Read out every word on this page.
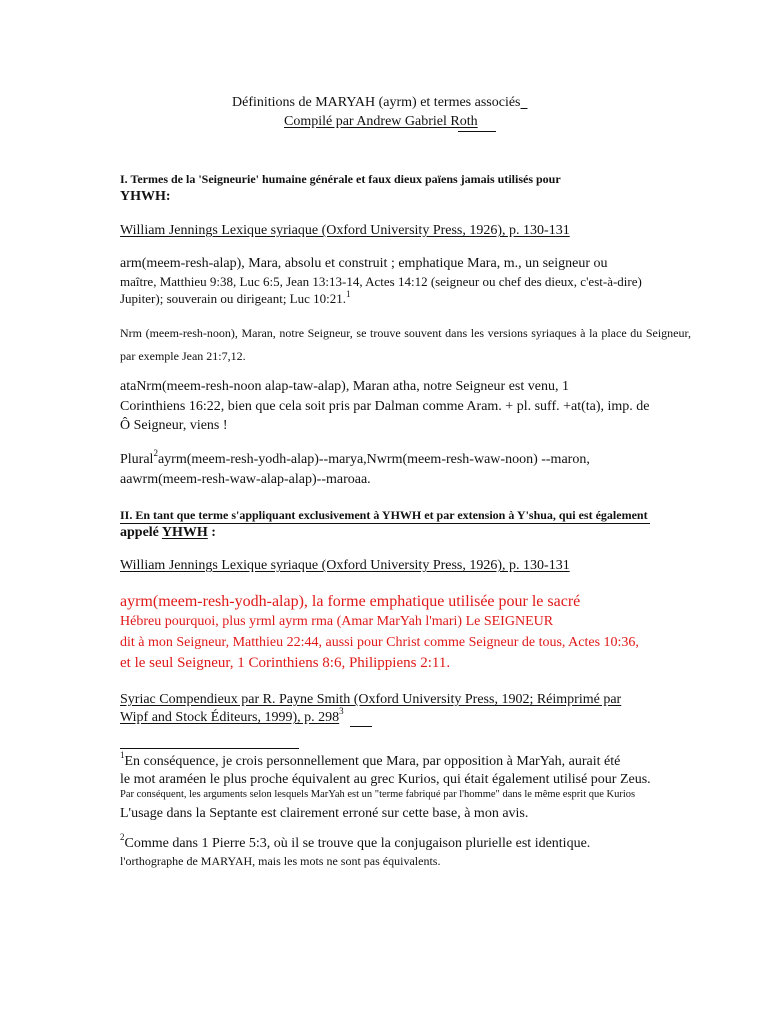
Définitions de MARYAH (ayrm) et termes associés
Compilé par Andrew Gabriel Roth
I. Termes de la 'Seigneurie' humaine générale et faux dieux païens jamais utilisés pour
YHWH:
William Jennings Lexique syriaque (Oxford University Press, 1926), p. 130-131
arm(meem-resh-alap), Mara, absolu et construit ; emphatique Mara, m., un seigneur ou
maître, Matthieu 9:38, Luc 6:5, Jean 13:13-14, Actes 14:12 (seigneur ou chef des dieux, c'est-à-dire)
Jupiter); souverain ou dirigeant; Luc 10:21.$^1$
Nrm (meem-resh-noon), Maran, notre Seigneur, se trouve souvent dans les versions syriaques à la place du Seigneur, par exemple Jean 21:7,12.
ataNrm(meem-resh-noon alap-taw-alap), Maran atha, notre Seigneur est venu, 1
Corinthiens 16:22, bien que cela soit pris par Dalman comme Aram. + pl. suff. +at(ta), imp. de
Ô Seigneur, viens !
Plural$^2$ayrm(meem-resh-yodh-alap)--marya,Nwrm(meem-resh-waw-noon) --maron,
aawrm(meem-resh-waw-alap-alap)--maroaa.
II. En tant que terme s'appliquant exclusivement à YHWH et par extension à Y'shua, qui est également
appelé YHWH :
William Jennings Lexique syriaque (Oxford University Press, 1926), p. 130-131
ayrm(meem-resh-yodh-alap), la forme emphatique utilisée pour le sacré
Hébreu pourquoi, plus yrml ayrm rma (Amar MarYah l'mari) Le SEIGNEUR
dit à mon Seigneur, Matthieu 22:44, aussi pour Christ comme Seigneur de tous, Actes 10:36,
et le seul Seigneur, 1 Corinthiens 8:6, Philippiens 2:11.
Syriac Compendieux par R. Payne Smith (Oxford University Press, 1902; Réimprimé par
Wipf and Stock Éditeurs, 1999), p. $298^3$
$^1$En conséquence, je crois personnellement que Mara, par opposition à MarYah, aurait été
le mot araméen le plus proche équivalent au grec Kurios, qui était également utilisé pour Zeus.
Par conséquent, les arguments selon lesquels MarYah est un "terme fabriqué par l'homme" dans le même esprit que Kurios
L'usage dans la Septante est clairement erroné sur cette base, à mon avis.
$^2$Comme dans 1 Pierre 5:3, où il se trouve que la conjugaison plurielle est identique.
l'orthographe de MARYAH, mais les mots ne sont pas équivalents.
